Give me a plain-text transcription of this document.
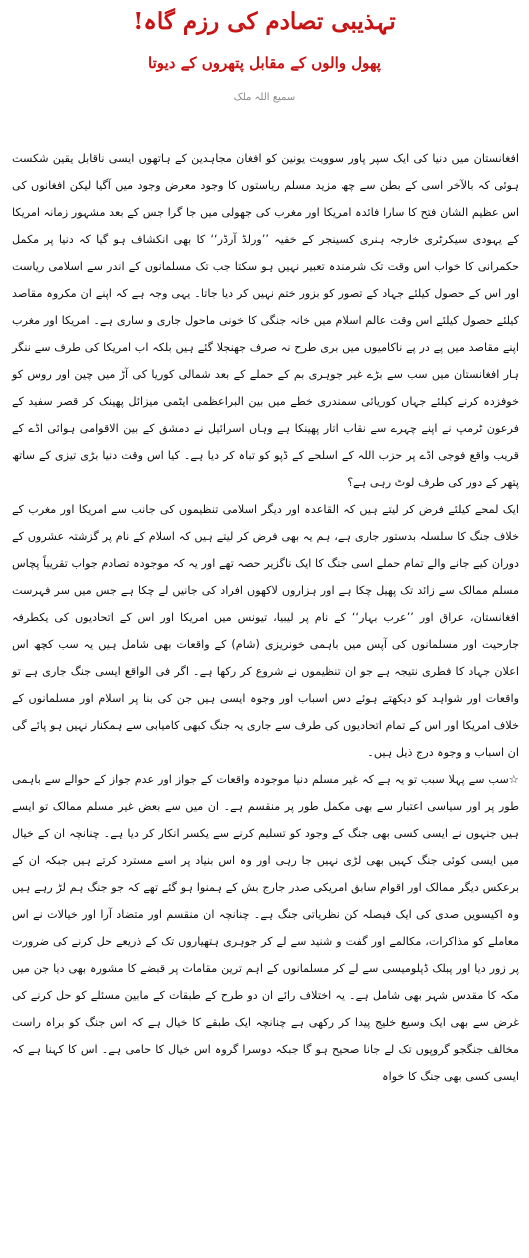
تہذیبی تصادم کی رزم گاہ!
پھول والوں کے مقابل پتھروں کے دیوتا
سمیع اللہ ملک

افغانستان میں دنیا کی ایک سپر پاور سوویت یونین کو افغان مجاہدین کے ہاتھوں ایسی ناقابل یقین شکست ہوئی کہ بالآخر اسی کے بطن سے چھ مزید مسلم ریاستوں کا وجود معرض وجود میں آگیا لیکن افغانوں کی اس عظیم الشان فتح کا سارا فائدہ امریکا اور مغرب کی جھولی میں جا گرا جس کے بعد مشہور زمانہ امریکا کے یہودی سیکرٹری خارجہ ہنری کسینجر کے خفیہ ’’ورلڈ آرڈر‘‘ کا بھی انکشاف ہو گیا کہ دنیا پر مکمل حکمرانی کا خواب اس وقت تک شرمندہ تعبیر نہیں ہو سکتا جب تک مسلمانوں کے اندر سے اسلامی ریاست اور اس کے حصول کیلئے جہاد کے تصور کو بزور ختم نہیں کر دیا جاتا۔ یہی وجہ ہے کہ اپنے ان مکروہ مقاصد کیلئے حصول کیلئے اس وقت عالم اسلام میں خانہ جنگی کا خونی ماحول جاری و ساری ہے۔ امریکا اور مغرب اپنے مقاصد میں پے در پے ناکامیوں میں بری طرح نہ صرف جھنجلا گئے ہیں بلکہ اب امریکا کی طرف سے ننگر ہار افغانستان میں سب سے بڑے غیر جوہری بم کے حملے کے بعد شمالی کوریا کی آڑ میں چین اور روس کو خوفزدہ کرنے کیلئے جہاں کوریائی سمندری خطے میں بین البراعظمی ایٹمی میزائل پھینک کر قصر سفید کے فرعون ٹرمپ نے اپنے چہرے سے نقاب اتار پھینکا ہے وہاں اسرائیل نے دمشق کے بین الاقوامی ہوائی اڈے کے قریب واقع فوجی اڈے پر حزب اللہ کے اسلحے کے ڈپو کو تباہ کر دیا ہے۔ کیا اس وقت دنیا بڑی تیزی کے ساتھ پتھر کے دور کی طرف لوٹ رہی ہے؟

ایک لمحے کیلئے فرض کر لیتے ہیں کہ القاعدہ اور دیگر اسلامی تنظیموں کی جانب سے امریکا اور مغرب کے خلاف جنگ کا سلسلہ بدستور جاری ہے، ہم یہ بھی فرض کر لیتے ہیں کہ اسلام کے نام پر گزشتہ عشروں کے دوران کیے جانے والے تمام حملے اسی جنگ کا ایک ناگزیر حصہ تھے اور یہ کہ موجودہ تصادم جواب تقریباً پچاس مسلم ممالک سے زائد تک پھیل چکا ہے اور ہزاروں لاکھوں افراد کی جانیں لے چکا ہے جس میں سر فہرست افغانستان، عراق اور ’’عرب بہار‘‘ کے نام پر لیبیا، تیونس میں امریکا اور اس کے اتحادیوں کی یکطرفہ جارحیت اور مسلمانوں کی آپس میں باہمی خونریزی (شام) کے واقعات بھی شامل ہیں یہ سب کچھ اس اعلان جہاد کا فطری نتیجہ ہے جو ان تنظیموں نے شروع کر رکھا ہے۔ اگر فی الواقع ایسی جنگ جاری ہے تو واقعات اور شواہد کو دیکھتے ہوئے دس اسباب اور وجوہ ایسی ہیں جن کی بنا پر اسلام اور مسلمانوں کے خلاف امریکا اور اس کے تمام اتحادیوں کی طرف سے جاری یہ جنگ کبھی کامیابی سے ہمکنار نہیں ہو پائے گی ان اسباب و وجوہ درج ذیل ہیں۔

☆سب سے پہلا سبب تو یہ ہے کہ غیر مسلم دنیا موجودہ واقعات کے جواز اور عدم جواز کے حوالے سے باہمی طور پر اور سیاسی اعتبار سے بھی مکمل طور پر منقسم ہے۔ ان میں سے بعض غیر مسلم ممالک تو ایسے ہیں جنہوں نے ایسی کسی بھی جنگ کے وجود کو تسلیم کرنے سے یکسر انکار کر دیا ہے۔ چنانچہ ان کے خیال میں ایسی کوئی جنگ کہیں بھی لڑی نہیں جا رہی اور وہ اس بنیاد پر اسے مسترد کرتے ہیں جبکہ ان کے برعکس دیگر ممالک اور اقوام سابق امریکی صدر جارج بش کے ہمنوا ہو گئے تھے کہ جو جنگ ہم لڑ رہے ہیں وہ اکیسویں صدی کی ایک فیصلہ کن نظریاتی جنگ ہے۔ چنانچہ ان منقسم اور متضاد آرا اور خیالات نے اس معاملے کو مذاکرات، مکالمے اور گفت و شنید سے لے کر جوہری ہتھیاروں تک کے ذریعے حل کرنے کی ضرورت پر زور دیا اور پبلک ڈپلومیسی سے لے کر مسلمانوں کے اہم ترین مقامات پر قبضے کا مشورہ بھی دیا جن میں مکہ کا مقدس شہر بھی شامل ہے۔ یہ اختلاف رائے ان دو طرح کے طبقات کے مابین مسئلے کو حل کرنے کی غرض سے بھی ایک وسیع خلیج پیدا کر رکھی ہے چنانچہ ایک طبقے کا خیال ہے کہ اس جنگ کو براہ راست مخالف جنگجو گروپوں تک لے جانا صحیح ہو گا جبکہ دوسرا گروہ اس خیال کا حامی ہے۔ اس کا کہنا ہے کہ ایسی کسی بھی جنگ کا خواہ
